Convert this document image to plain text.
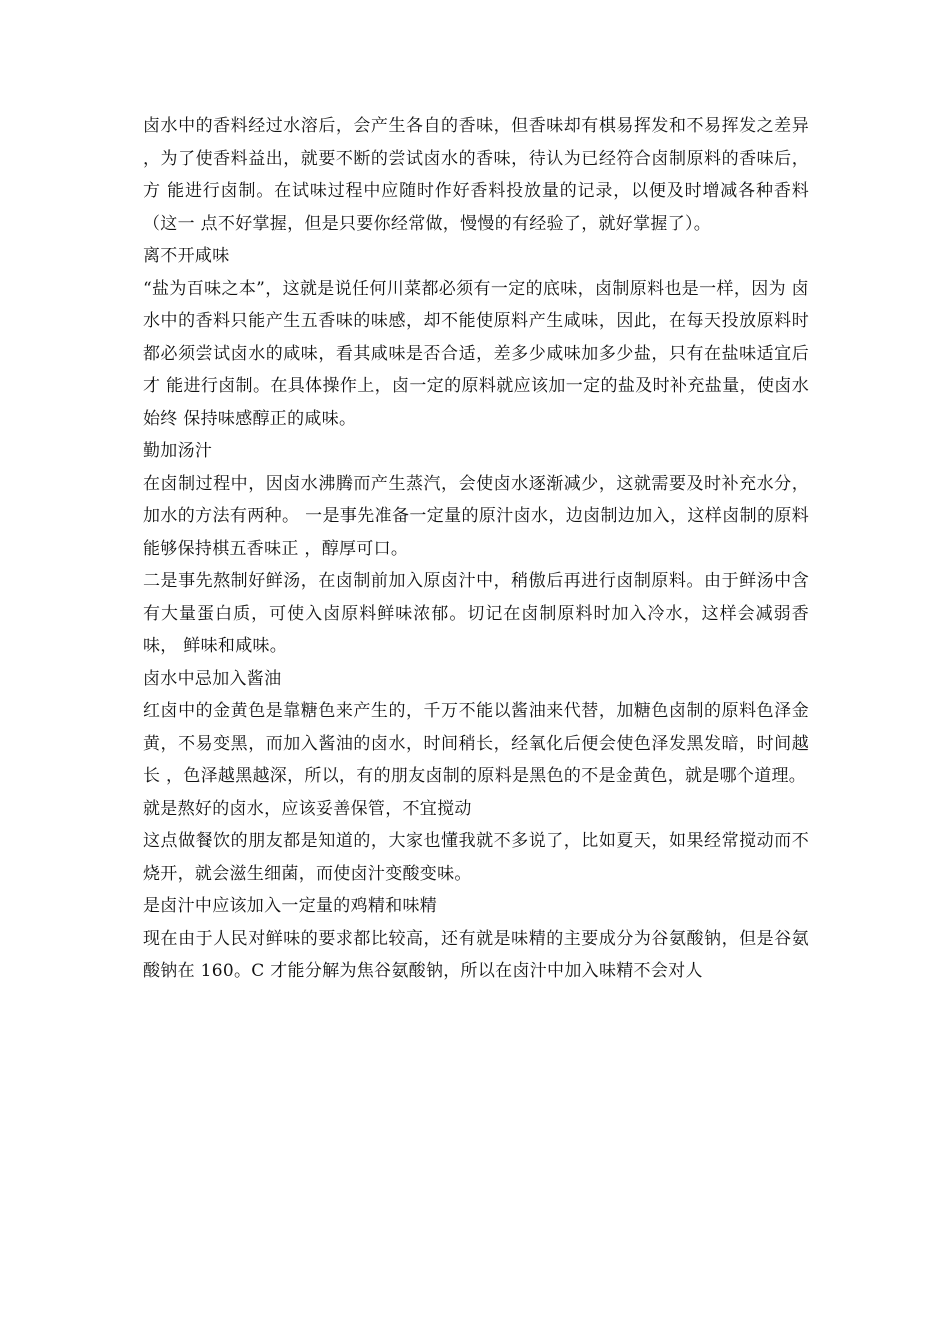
卤水中的香料经过水溶后，会产生各自的香味，但香味却有棋易挥发和不易挥发之差异 ，为了使香料益出，就要不断的尝试卤水的香味，待认为已经符合卤制原料的香味后，方 能进行卤制。在试味过程中应随时作好香料投放量的记录，以便及时增减各种香料（这一 点不好掌握，但是只要你经常做，慢慢的有经验了，就好掌握了）。

离不开咸味

“盐为百味之本”，这就是说任何川菜都必须有一定的底味，卤制原料也是一样，因为 卤水中的香料只能产生五香味的味感，却不能使原料产生咸味，因此，在每天投放原料时 都必须尝试卤水的咸味，看其咸味是否合适，差多少咸味加多少盐，只有在盐味适宜后才 能进行卤制。在具体操作上，卤一定的原料就应该加一定的盐及时补充盐量，使卤水始终 保持味感醇正的咸味。

勤加汤汁

在卤制过程中，因卤水沸腾而产生蒸汽，会使卤水逐渐减少，这就需要及时补充水分， 加水的方法有两种。 一是事先准备一定量的原汁卤水，边卤制边加入，这样卤制的原料能够保持棋五香味正 ，醇厚可口。

二是事先熬制好鲜汤，在卤制前加入原卤汁中，稍傲后再进行卤制原料。由于鲜汤中含 有大量蛋白质，可使入卤原料鲜味浓郁。切记在卤制原料时加入冷水，这样会减弱香味， 鲜味和咸味。

卤水中忌加入酱油

红卤中的金黄色是靠糖色来产生的，千万不能以酱油来代替，加糖色卤制的原料色泽金 黄，不易变黑，而加入酱油的卤水，时间稍长，经氧化后便会使色泽发黑发暗，时间越长 ，色泽越黑越深，所以，有的朋友卤制的原料是黑色的不是金黄色，就是哪个道理。

就是熬好的卤水，应该妥善保管，不宜搅动

这点做餐饮的朋友都是知道的，大家也懂我就不多说了，比如夏天，如果经常搅动而不 烧开，就会滋生细菌，而使卤汁变酸变味。

是卤汁中应该加入一定量的鸡精和味精

现在由于人民对鲜味的要求都比较高，还有就是味精的主要成分为谷氨酸钠，但是谷氨酸钠在 160。C 才能分解为焦谷氨酸钠，所以在卤汁中加入味精不会对人
